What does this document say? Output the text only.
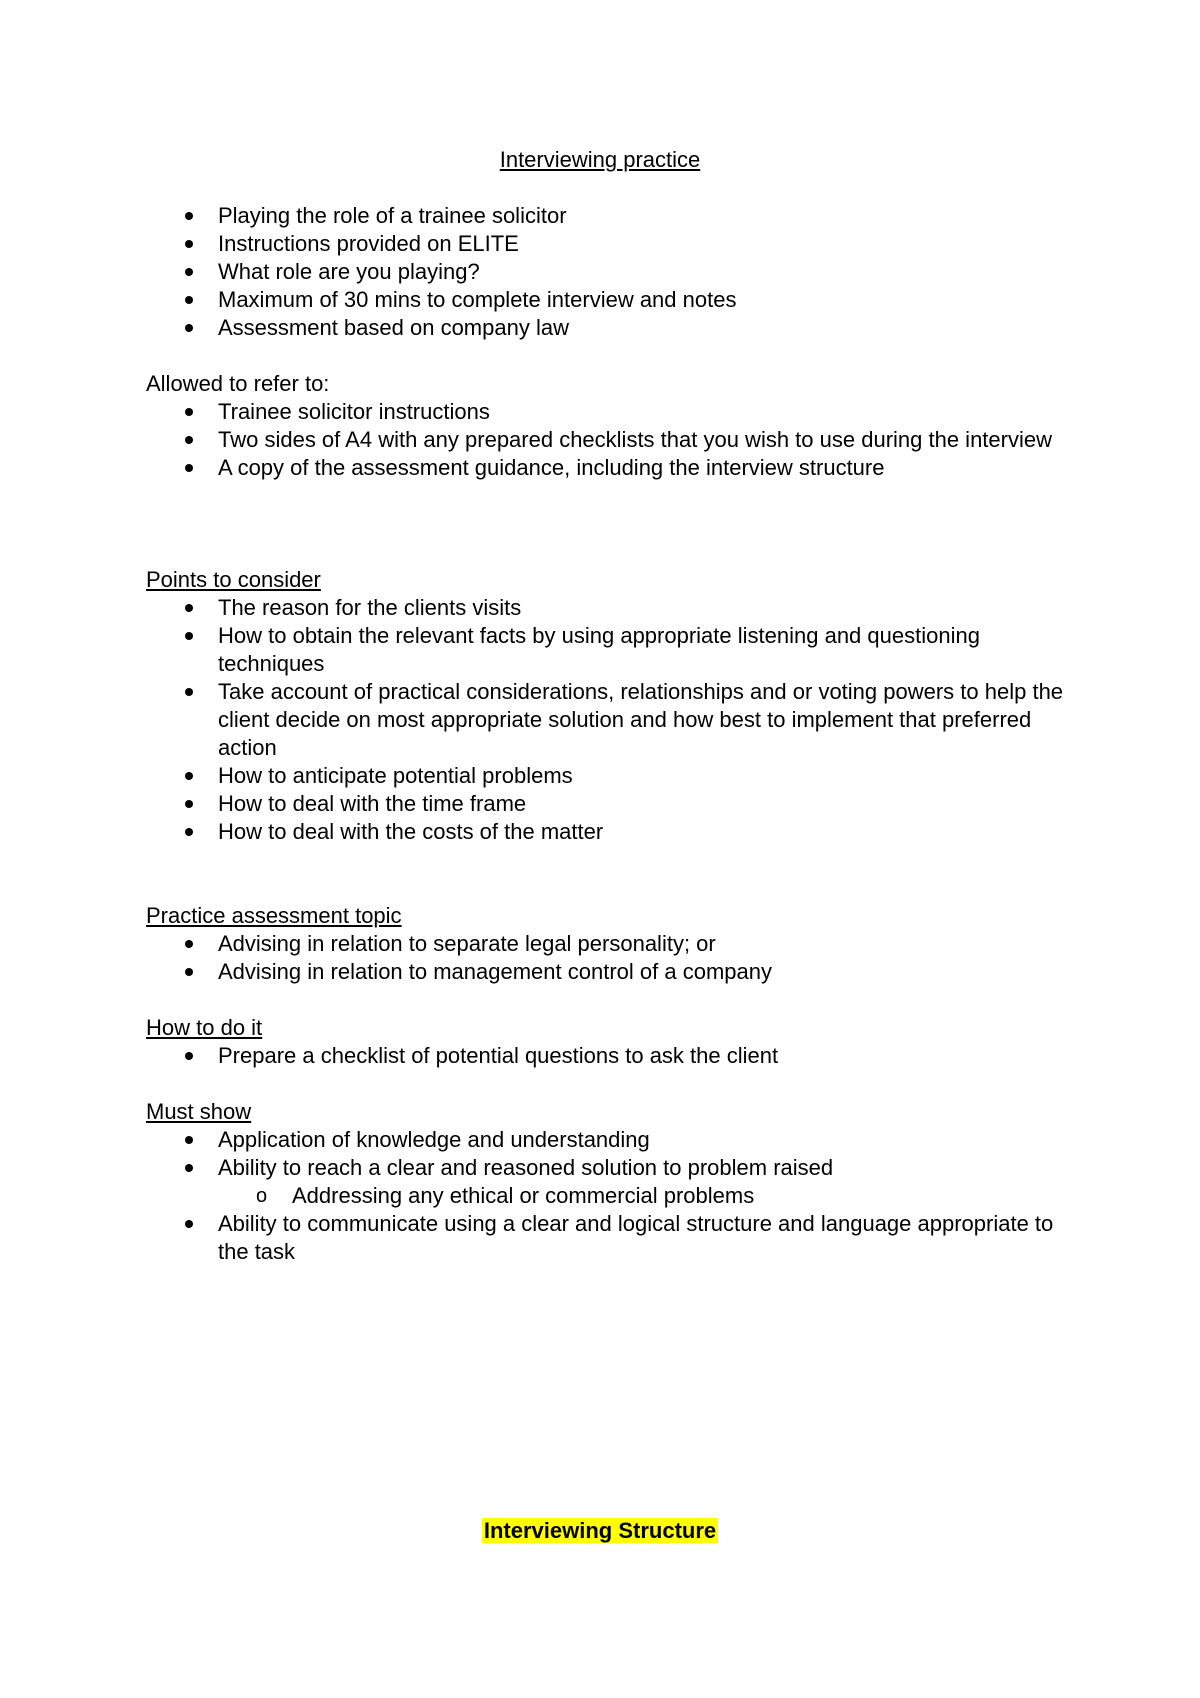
Interviewing practice
Playing the role of a trainee solicitor
Instructions provided on ELITE
What role are you playing?
Maximum of 30 mins to complete interview and notes
Assessment based on company law
Allowed to refer to:
Trainee solicitor instructions
Two sides of A4 with any prepared checklists that you wish to use during the interview
A copy of the assessment guidance, including the interview structure
Points to consider
The reason for the clients visits
How to obtain the relevant facts by using appropriate listening and questioning techniques
Take account of practical considerations, relationships and or voting powers to help the client decide on most appropriate solution and how best to implement that preferred action
How to anticipate potential problems
How to deal with the time frame
How to deal with the costs of the matter
Practice assessment topic
Advising in relation to separate legal personality; or
Advising in relation to management control of a company
How to do it
Prepare a checklist of potential questions to ask the client
Must show
Application of knowledge and understanding
Ability to reach a clear and reasoned solution to problem raised
o Addressing any ethical or commercial problems
Ability to communicate using a clear and logical structure and language appropriate to the task
Interviewing Structure
